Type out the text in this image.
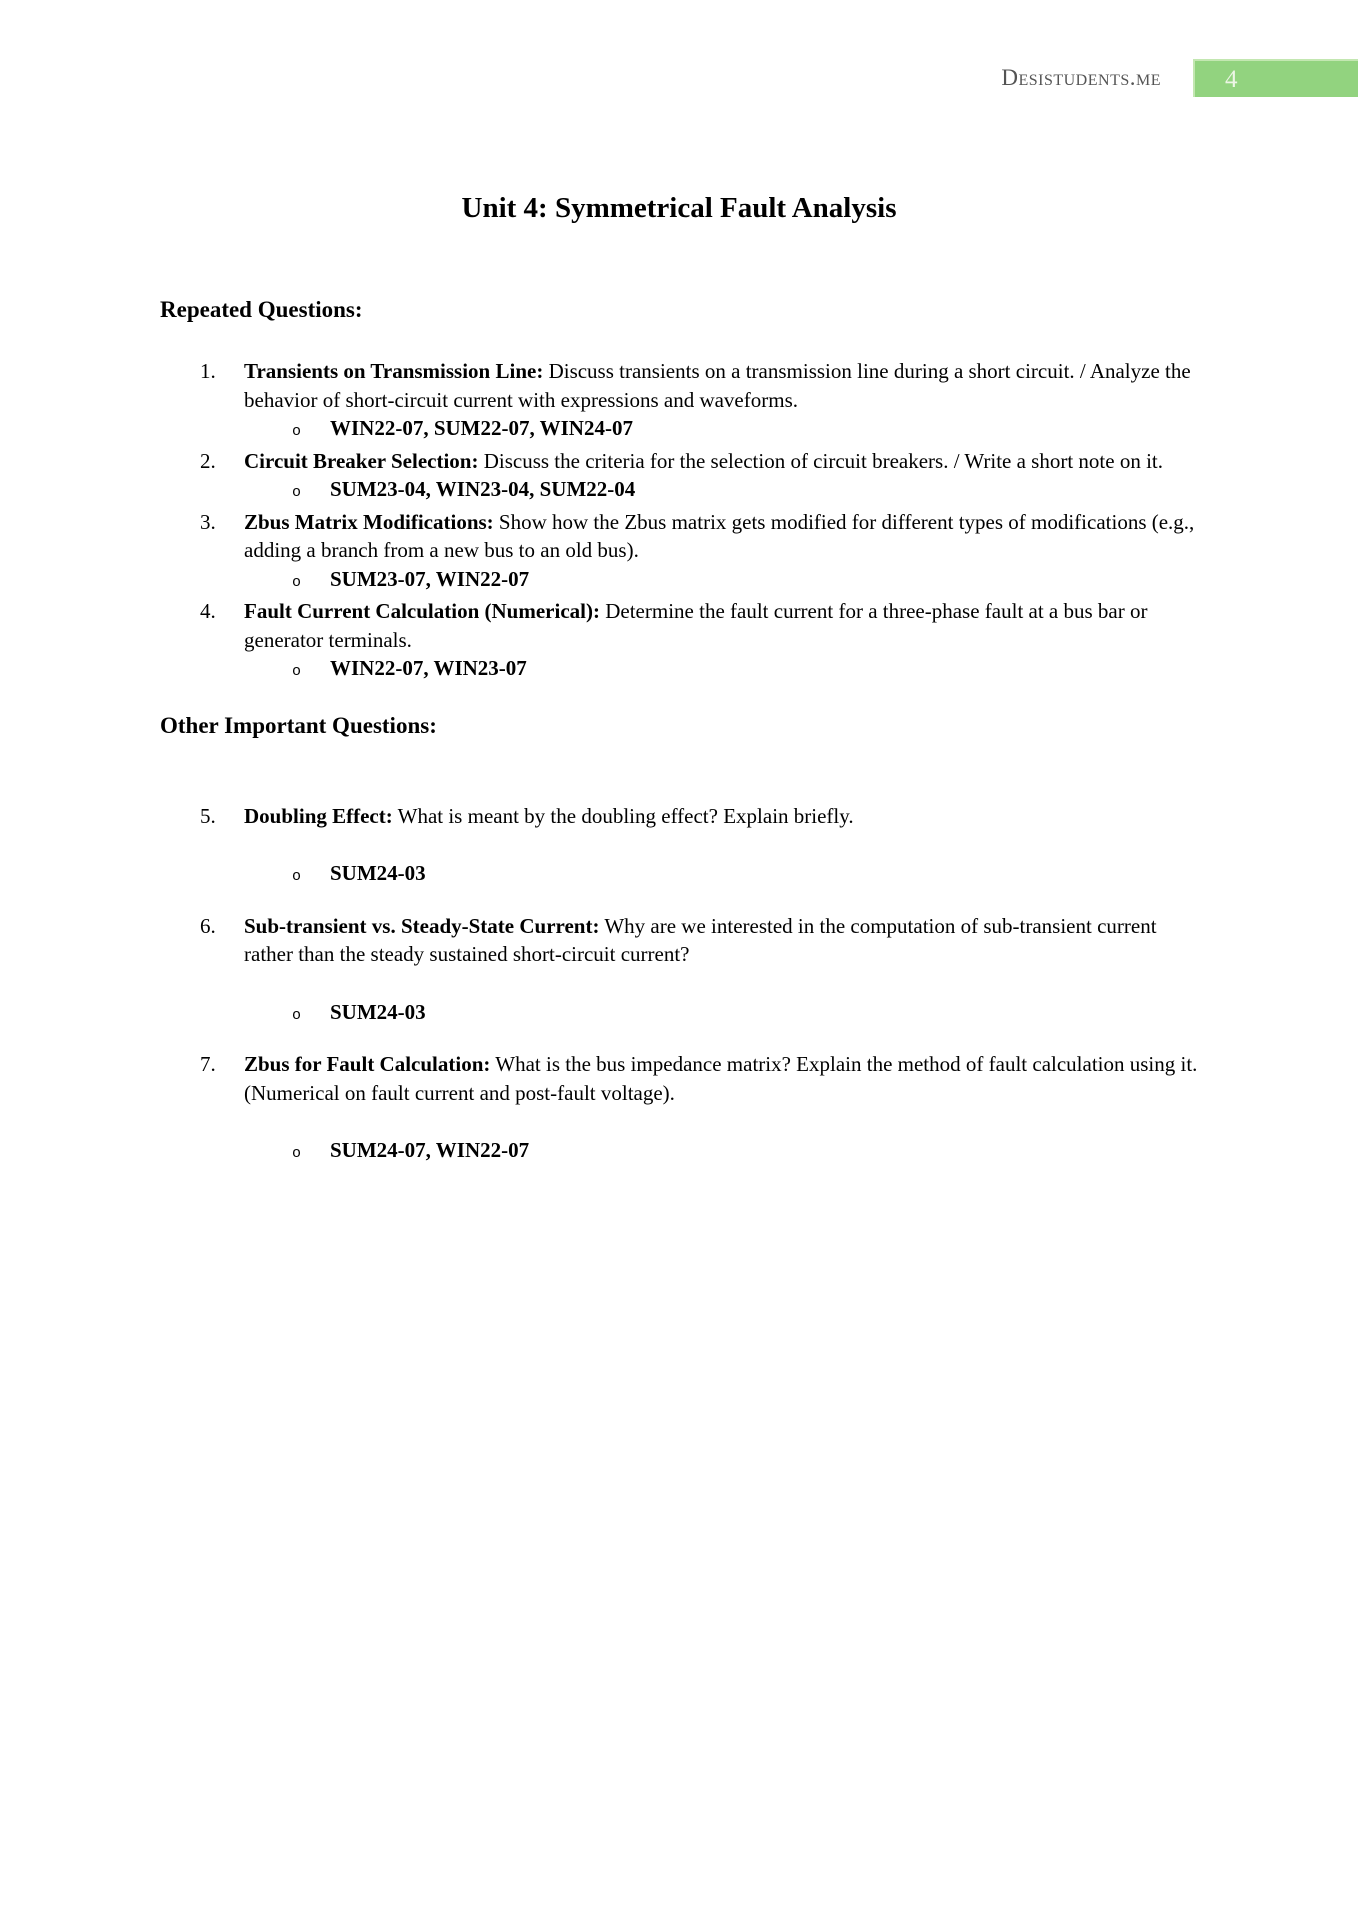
Desistudents.me	4
Unit 4: Symmetrical Fault Analysis
Repeated Questions:
1.	Transients on Transmission Line: Discuss transients on a transmission line during a short circuit. / Analyze the behavior of short-circuit current with expressions and waveforms.
o	WIN22-07, SUM22-07, WIN24-07
2.	Circuit Breaker Selection: Discuss the criteria for the selection of circuit breakers. / Write a short note on it.
o	SUM23-04, WIN23-04, SUM22-04
3.	Zbus Matrix Modifications: Show how the Zbus matrix gets modified for different types of modifications (e.g., adding a branch from a new bus to an old bus).
o	SUM23-07, WIN22-07
4.	Fault Current Calculation (Numerical): Determine the fault current for a three-phase fault at a bus bar or generator terminals.
o	WIN22-07, WIN23-07
Other Important Questions:
5.	Doubling Effect: What is meant by the doubling effect? Explain briefly.
o	SUM24-03
6.	Sub-transient vs. Steady-State Current: Why are we interested in the computation of sub-transient current rather than the steady sustained short-circuit current?
o	SUM24-03
7.	Zbus for Fault Calculation: What is the bus impedance matrix? Explain the method of fault calculation using it. (Numerical on fault current and post-fault voltage).
o	SUM24-07, WIN22-07
